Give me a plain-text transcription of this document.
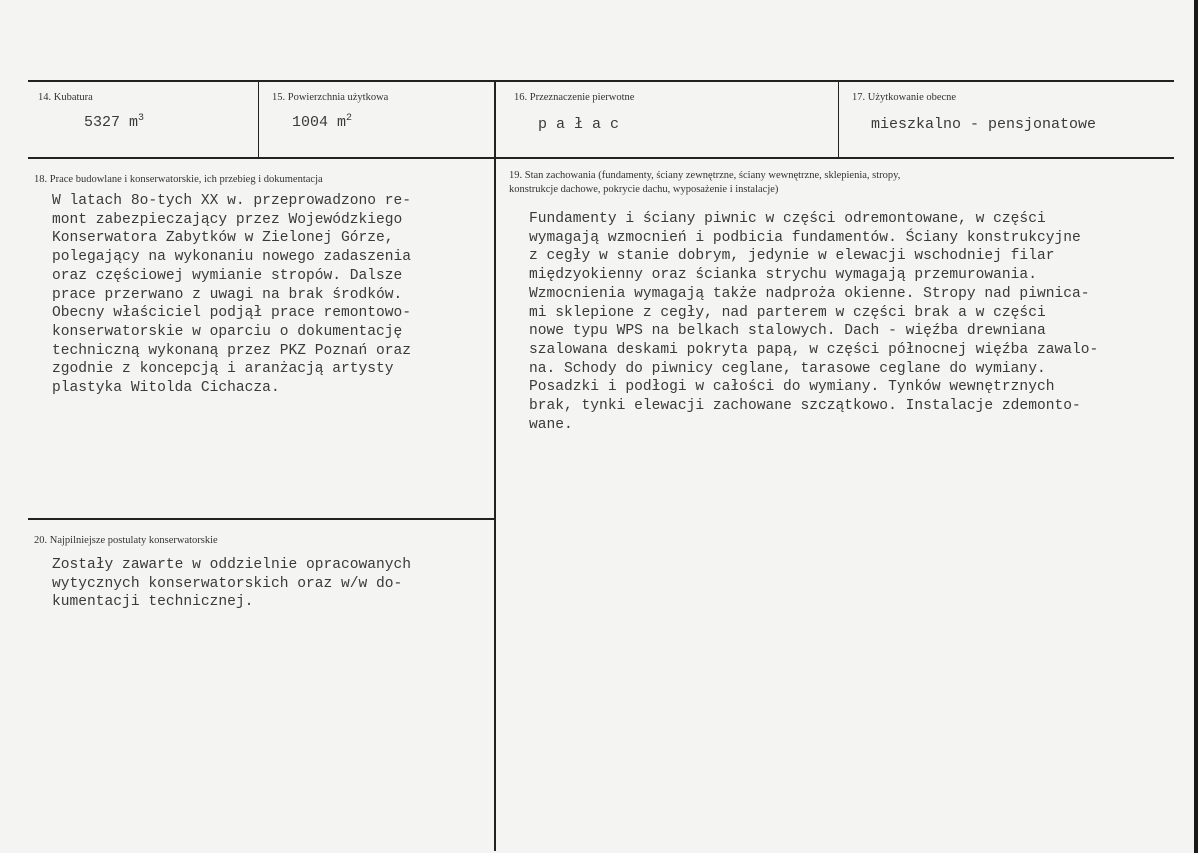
14. Kubatura
5327 $m^3$
15. Powierzchnia użytkowa
1004 $m^2$
16. Przeznaczenie pierwotne
p a ł a c
17. Użytkowanie obecne
mieszkalno - pensjonatowe
18. Prace budowlane i konserwatorskie, ich przebieg i dokumentacja
W latach 8o-tych XX w. przeprowadzono re-
mont zabezpieczający przez Wojewódzkiego
Konserwatora Zabytków w Zielonej Górze,
polegający na wykonaniu nowego zadaszenia
oraz częściowej wymianie stropów. Dalsze
prace przerwano z uwagi na brak środków.
Obecny właściciel podjął prace remontowo-
konserwatorskie w oparciu o dokumentację
techniczną wykonaną przez PKZ Poznań oraz
zgodnie z koncepcją i aranżacją artysty
plastyka Witolda Cichacza.
19. Stan zachowania (fundamenty, ściany zewnętrzne, ściany wewnętrzne, sklepienia, stropy,
konstrukcje dachowe, pokrycie dachu, wyposażenie i instalacje)
Fundamenty i ściany piwnic w części odremontowane, w części
wymagają wzmocnień i podbicia fundamentów. Ściany konstrukcyjne
z cegły w stanie dobrym, jedynie w elewacji wschodniej filar
międzyokienny oraz ścianka strychu wymagają przemurowania.
Wzmocnienia wymagają także nadproża okienne. Stropy nad piwnica-
mi sklepione z cegły, nad parterem w części brak a w części
nowe typu WPS na belkach stalowych. Dach - więźba drewniana
szalowana deskami pokryta papą, w części północnej więźba zawalo-
na. Schody do piwnicy ceglane, tarasowe ceglane do wymiany.
Posadzki i podłogi w całości do wymiany. Tynków wewnętrznych
brak, tynki elewacji zachowane szczątkowo. Instalacje zdemonto-
wane.
20. Najpilniejsze postulaty konserwatorskie
Zostały zawarte w oddzielnie opracowanych
wytycznych konserwatorskich oraz w/w do-
kumentacji technicznej.
